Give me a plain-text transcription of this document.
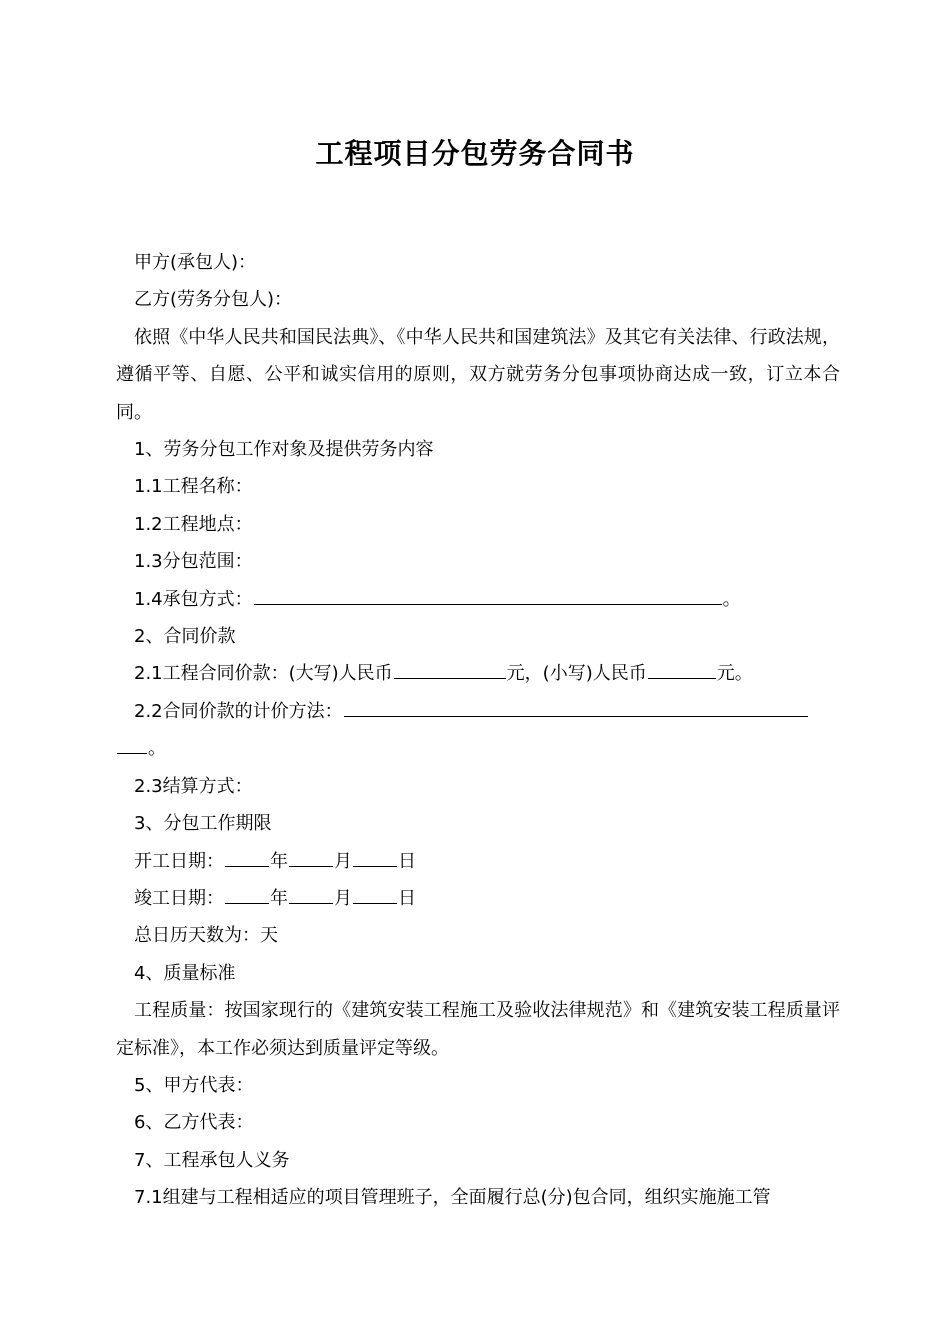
工程项目分包劳务合同书

甲方(承包人)：

乙方(劳务分包人)：

依照《中华人民共和国民法典》、《中华人民共和国建筑法》及其它有关法律、行政法规，遵循平等、自愿、公平和诚实信用的原则，双方就劳务分包事项协商达成一致，订立本合同。

1、劳务分包工作对象及提供劳务内容

1.1工程名称：

1.2工程地点：

1.3分包范围：

1.4承包方式：	。

2、合同价款

2.1工程合同价款：(大写)人民币	元，(小写)人民币	元。

2.2合同价款的计价方法：

。

2.3结算方式：

3、分包工作期限

开工日期：	年	月	日

竣工日期：	年	月	日

总日历天数为：天

4、质量标准

工程质量：按国家现行的《建筑安装工程施工及验收法律规范》和《建筑安装工程质量评定标准》，本工作必须达到质量评定等级。

5、甲方代表：

6、乙方代表：

7、工程承包人义务

7.1组建与工程相适应的项目管理班子，全面履行总(分)包合同，组织实施施工管
